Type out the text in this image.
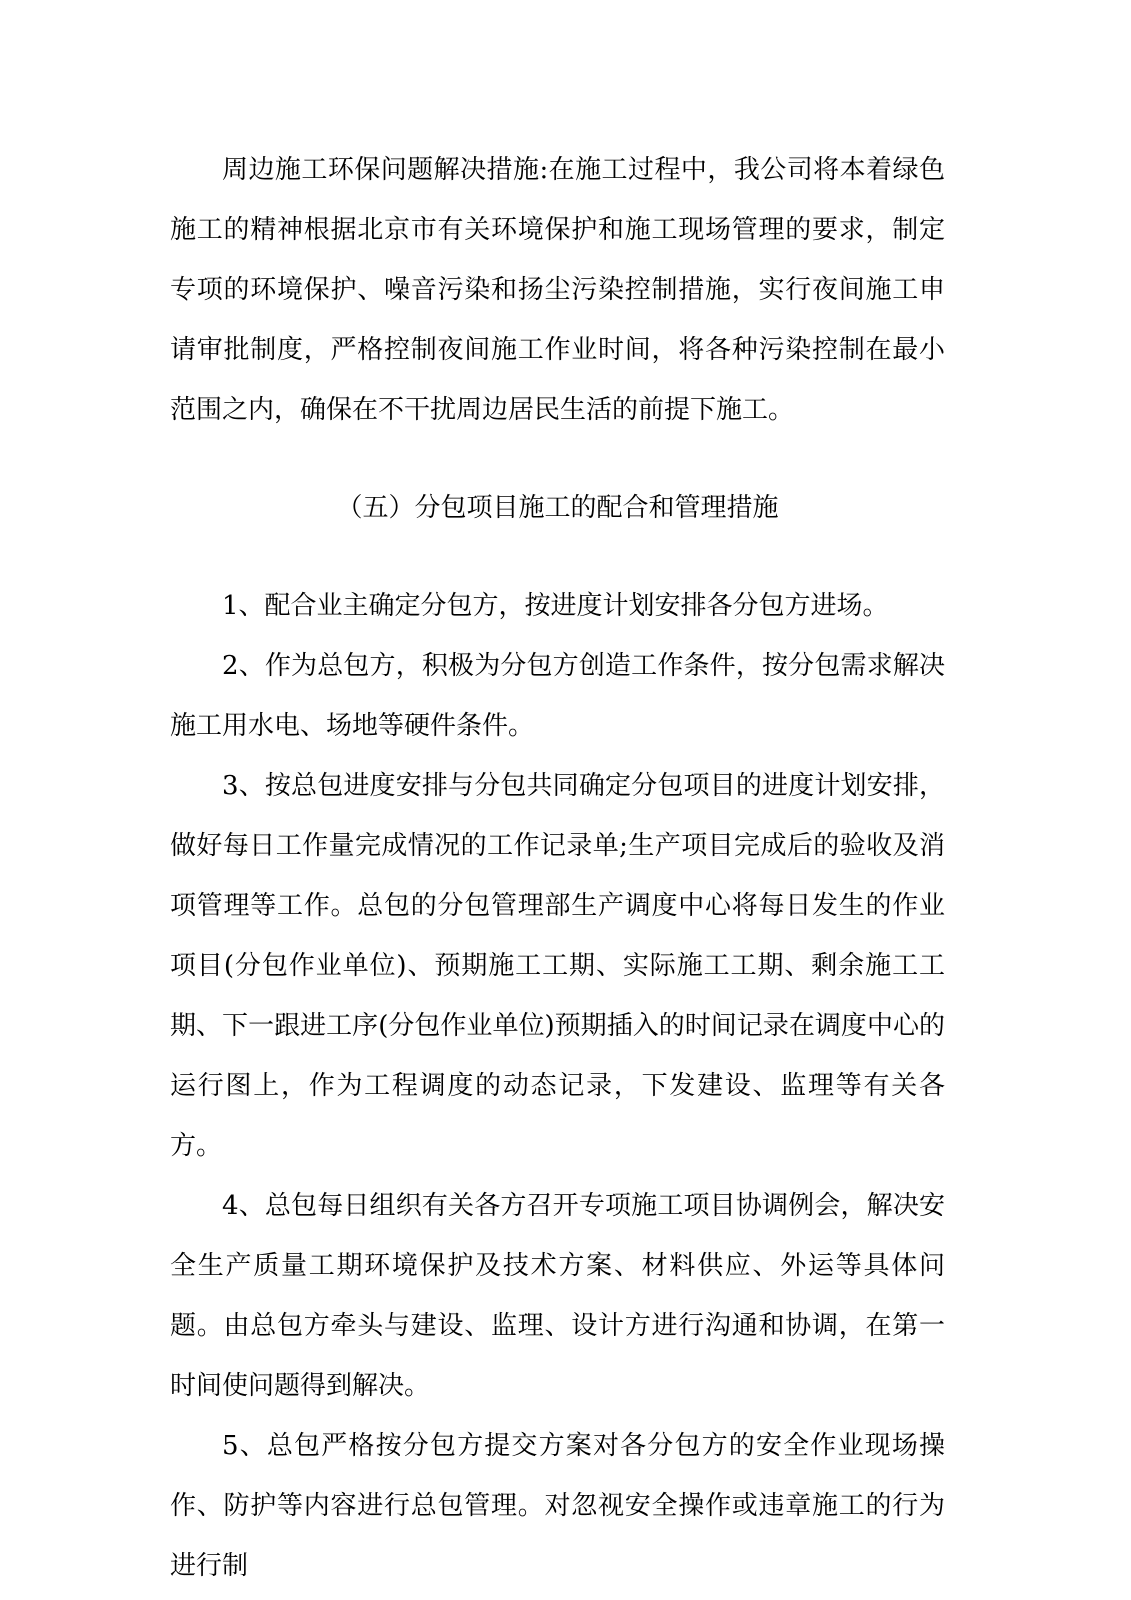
周边施工环保问题解决措施:在施工过程中，我公司将本着绿色施工的精神根据北京市有关环境保护和施工现场管理的要求，制定专项的环境保护、噪音污染和扬尘污染控制措施，实行夜间施工申请审批制度，严格控制夜间施工作业时间，将各种污染控制在最小范围之内，确保在不干扰周边居民生活的前提下施工。

（五）分包项目施工的配合和管理措施

1、配合业主确定分包方，按进度计划安排各分包方进场。

2、作为总包方，积极为分包方创造工作条件，按分包需求解决施工用水电、场地等硬件条件。

3、按总包进度安排与分包共同确定分包项目的进度计划安排，做好每日工作量完成情况的工作记录单;生产项目完成后的验收及消项管理等工作。总包的分包管理部生产调度中心将每日发生的作业项目(分包作业单位)、预期施工工期、实际施工工期、剩余施工工期、下一跟进工序(分包作业单位)预期插入的时间记录在调度中心的运行图上，作为工程调度的动态记录，下发建设、监理等有关各方。

4、总包每日组织有关各方召开专项施工项目协调例会，解决安全生产质量工期环境保护及技术方案、材料供应、外运等具体问题。由总包方牵头与建设、监理、设计方进行沟通和协调，在第一时间使问题得到解决。

5、总包严格按分包方提交方案对各分包方的安全作业现场操作、防护等内容进行总包管理。对忽视安全操作或违章施工的行为进行制
